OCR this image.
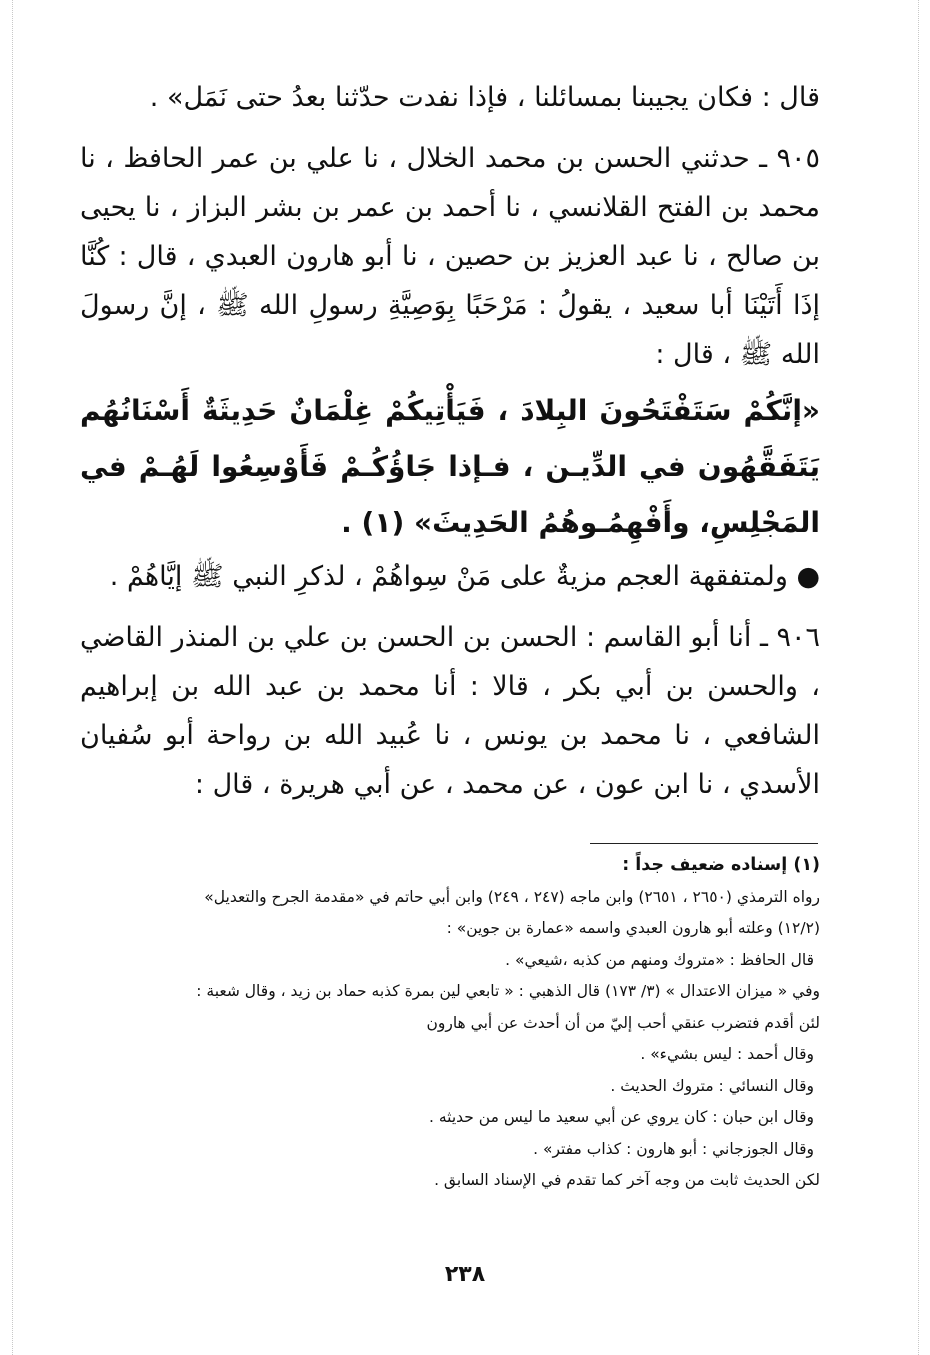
قال : فكان يجيبنا بمسائلنا ، فإذا نفدت حدّثنا بعدُ حتى نَمَل» .

٩٠٥ ـ حدثني الحسن بن محمد الخلال ، نا علي بن عمر الحافظ ، نا محمد بن الفتح القلانسي ، نا أحمد بن عمر بن بشر البزاز ، نا يحيى بن صالح ، نا عبد العزيز بن حصين ، نا أبو هارون العبدي ، قال : كُنَّا إذَا أَتَيْنَا أبا سعيد ، يقولُ : مَرْحَبًا بِوَصِيَّةِ رسولِ الله ﷺ ، إنَّ رسولَ الله ﷺ ، قال :

«إنَّكُمْ سَتَفْتَحُونَ البِلادَ ، فَيَأْتِيكُمْ غِلْمَانٌ حَدِيثَةٌ أَسْنَانُهُم يَتَفَقَّهُون في الدِّيـن ، فـإذا جَاؤُكُـمْ فَأَوْسِعُوا لَهُـمْ في المَجْلِسِ، وأَفْهِمُـوهُمُ الحَدِيثَ» (١) .

● ولمتفقهة العجم مزيةٌ على مَنْ سِواهُمْ ، لذكرِ النبي ﷺ إيَّاهُمْ .

٩٠٦ ـ أنا أبو القاسم : الحسن بن الحسن بن علي بن المنذر القاضي ، والحسن بن أبي بكر ، قالا : أنا محمد بن عبد الله بن إبراهيم الشافعي ، نا محمد بن يونس ، نا عُبيد الله بن رواحة أبو سُفيان الأسدي ، نا ابن عون ، عن محمد ، عن أبي هريرة ، قال :

(١) إسناده ضعيف جداً :

رواه الترمذي (٢٦٥٠ ، ٢٦٥١) وابن ماجه (٢٤٧ ، ٢٤٩) وابن أبي حاتم في «مقدمة الجرح والتعديل»

(١٢/٢) وعلته أبو هارون العبدي واسمه «عمارة بن جوين» :

قال الحافظ : «متروك ومنهم من كذبه ،شيعي» .

وفي « ميزان الاعتدال » (٣/ ١٧٣) قال الذهبي : « تابعي لين بمرة كذبه حماد بن زيد ، وقال شعبة :

لئن أقدم فتضرب عنقي أحب إليّ من أن أحدث عن أبي هارون

وقال أحمد : ليس بشيء» .

وقال النسائي : متروك الحديث .

وقال ابن حبان : كان يروي عن أبي سعيد ما ليس من حديثه .

وقال الجوزجاني : أبو هارون : كذاب مفتر» .

لكن الحديث ثابت من وجه آخر كما تقدم في الإسناد السابق .

٢٣٨
